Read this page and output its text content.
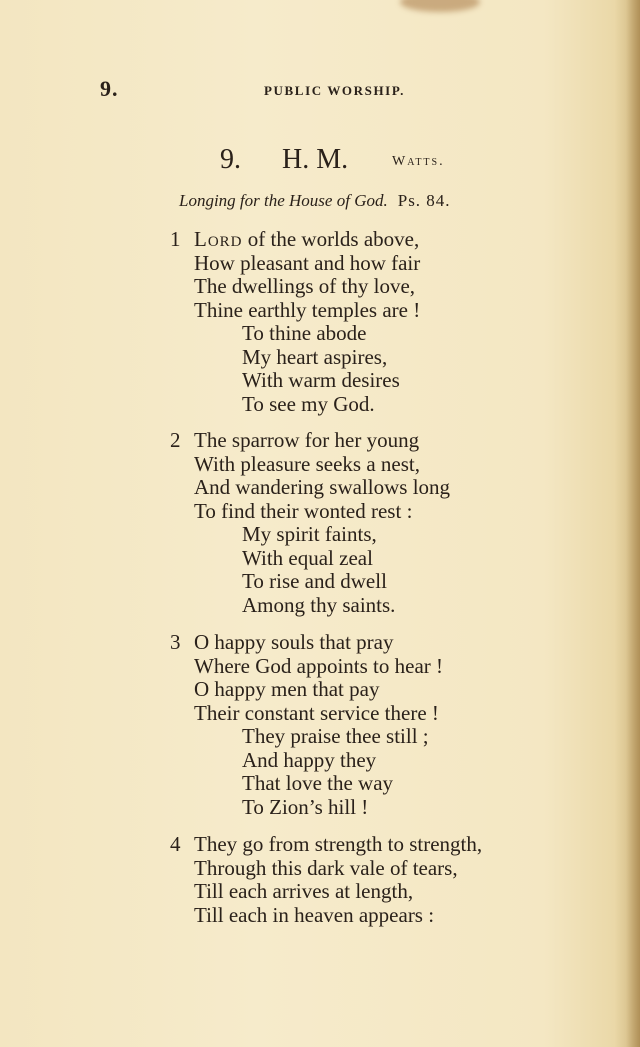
9.	PUBLIC WORSHIP.
9. H. M.	Watts.
Longing for the House of God. Ps. 84.
1 Lord of the worlds above,
How pleasant and how fair
The dwellings of thy love,
Thine earthly temples are !
To thine abode
My heart aspires,
With warm desires
To see my God.
2 The sparrow for her young
With pleasure seeks a nest,
And wandering swallows long
To find their wonted rest :
My spirit faints,
With equal zeal
To rise and dwell
Among thy saints.
3 O happy souls that pray
Where God appoints to hear !
O happy men that pay
Their constant service there !
They praise thee still ;
And happy they
That love the way
To Zion’s hill !
4 They go from strength to strength,
Through this dark vale of tears,
Till each arrives at length,
Till each in heaven appears :
